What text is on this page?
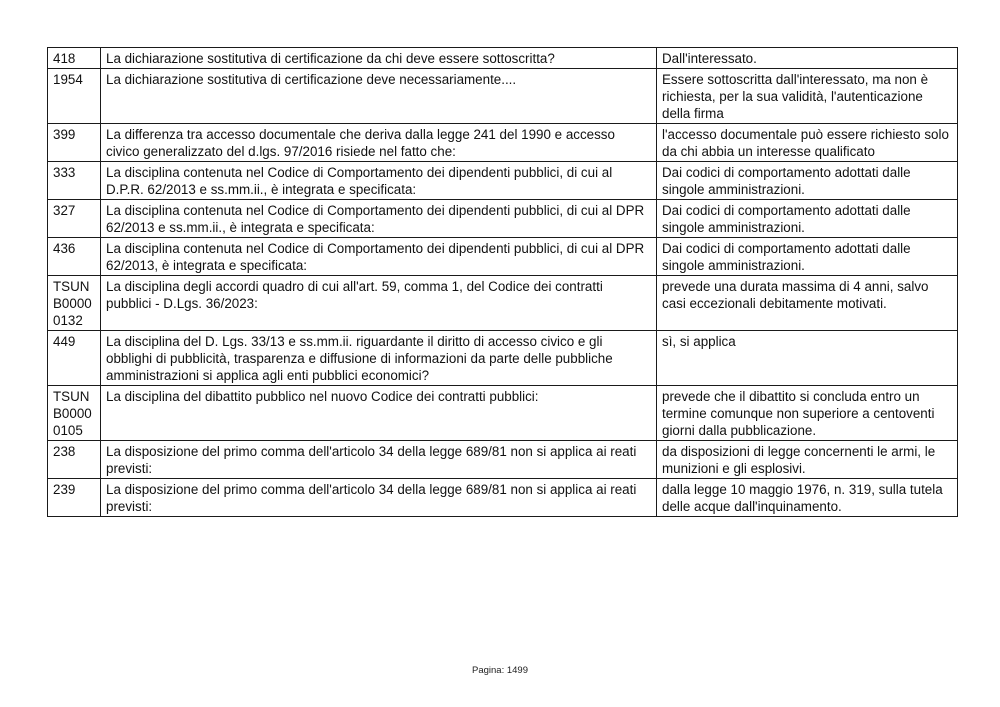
418	La dichiarazione sostitutiva di certificazione da chi deve essere sottoscritta?	Dall'interessato.
1954	La dichiarazione sostitutiva di certificazione deve necessariamente....	Essere sottoscritta dall'interessato, ma non è richiesta, per la sua validità, l'autenticazione della firma
399	La differenza tra accesso documentale che deriva dalla legge 241 del 1990 e accesso civico generalizzato del d.lgs. 97/2016 risiede nel fatto che:	l'accesso documentale può essere richiesto solo da chi abbia un interesse qualificato
333	La disciplina contenuta nel Codice di Comportamento dei dipendenti pubblici, di cui al D.P.R. 62/2013 e ss.mm.ii., è integrata e specificata:	Dai codici di comportamento adottati dalle singole amministrazioni.
327	La disciplina contenuta nel Codice di Comportamento dei dipendenti pubblici, di cui al DPR 62/2013 e ss.mm.ii., è integrata e specificata:	Dai codici di comportamento adottati dalle singole amministrazioni.
436	La disciplina contenuta nel Codice di Comportamento dei dipendenti pubblici, di cui al DPR 62/2013, è integrata e specificata:	Dai codici di comportamento adottati dalle singole amministrazioni.
TSUNB00000132	La disciplina degli accordi quadro di cui all'art. 59, comma 1, del Codice dei contratti pubblici - D.Lgs. 36/2023:	prevede una durata massima di 4 anni, salvo casi eccezionali debitamente motivati.
449	La disciplina del D. Lgs. 33/13 e ss.mm.ii. riguardante il diritto di accesso civico e gli obblighi di pubblicità, trasparenza e diffusione di informazioni da parte delle pubbliche amministrazioni si applica agli enti pubblici economici?	sì, si applica
TSUNB00000105	La disciplina del dibattito pubblico nel nuovo Codice dei contratti pubblici:	prevede che il dibattito si concluda entro un termine comunque non superiore a centoventi giorni dalla pubblicazione.
238	La disposizione del primo comma dell'articolo 34 della legge 689/81 non si applica ai reati previsti:	da disposizioni di legge concernenti le armi, le munizioni e gli esplosivi.
239	La disposizione del primo comma dell'articolo 34 della legge 689/81 non si applica ai reati previsti:	dalla legge 10 maggio 1976, n. 319, sulla tutela delle acque dall'inquinamento.
Pagina: 1499
